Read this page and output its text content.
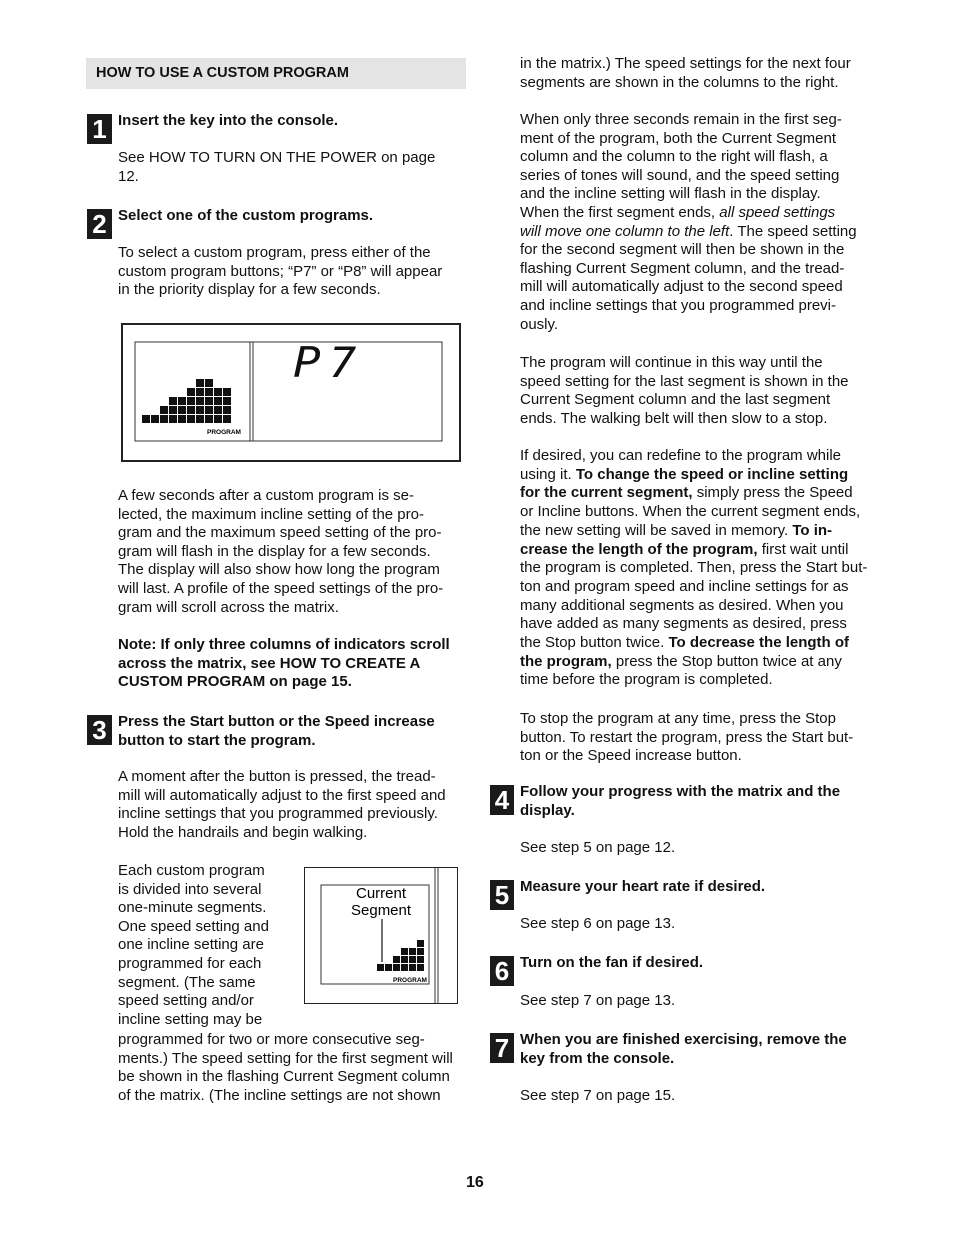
HOW TO USE A CUSTOM PROGRAM
1 Insert the key into the console.
See HOW TO TURN ON THE POWER on page
12.
2 Select one of the custom programs.
To select a custom program, press either of the
custom program buttons; “P7” or “P8” will appear
in the priority display for a few seconds.
PROGRAM
P7
A few seconds after a custom program is se-
lected, the maximum incline setting of the pro-
gram and the maximum speed setting of the pro-
gram will flash in the display for a few seconds.
The display will also show how long the program
will last. A profile of the speed settings of the pro-
gram will scroll across the matrix.
Note: If only three columns of indicators scroll
across the matrix, see HOW TO CREATE A
CUSTOM PROGRAM on page 15.
3 Press the Start button or the Speed increase
button to start the program.
A moment after the button is pressed, the tread-
mill will automatically adjust to the first speed and
incline settings that you programmed previously.
Hold the handrails and begin walking.
Each custom program
is divided into several
one-minute segments.
One speed setting and
one incline setting are
programmed for each
segment. (The same
speed setting and/or
incline setting may be
programmed for two or more consecutive seg-
ments.) The speed setting for the first segment will
be shown in the flashing Current Segment column
of the matrix. (The incline settings are not shown
Current
Segment
PROGRAM
in the matrix.) The speed settings for the next four
segments are shown in the columns to the right.
When only three seconds remain in the first seg-
ment of the program, both the Current Segment
column and the column to the right will flash, a
series of tones will sound, and the speed setting
and the incline setting will flash in the display.
When the first segment ends, all speed settings
will move one column to the left. The speed setting
for the second segment will then be shown in the
flashing Current Segment column, and the tread-
mill will automatically adjust to the second speed
and incline settings that you programmed previ-
ously.
The program will continue in this way until the
speed setting for the last segment is shown in the
Current Segment column and the last segment
ends. The walking belt will then slow to a stop.
If desired, you can redefine to the program while
using it. To change the speed or incline setting
for the current segment, simply press the Speed
or Incline buttons. When the current segment ends,
the new setting will be saved in memory. To in-
crease the length of the program, first wait until
the program is completed. Then, press the Start but-
ton and program speed and incline settings for as
many additional segments as desired. When you
have added as many segments as desired, press
the Stop button twice. To decrease the length of
the program, press the Stop button twice at any
time before the program is completed.
To stop the program at any time, press the Stop
button. To restart the program, press the Start but-
ton or the Speed increase button.
4 Follow your progress with the matrix and the
display.
See step 5 on page 12.
5 Measure your heart rate if desired.
See step 6 on page 13.
6 Turn on the fan if desired.
See step 7 on page 13.
7 When you are finished exercising, remove the
key from the console.
See step 7 on page 15.
16
